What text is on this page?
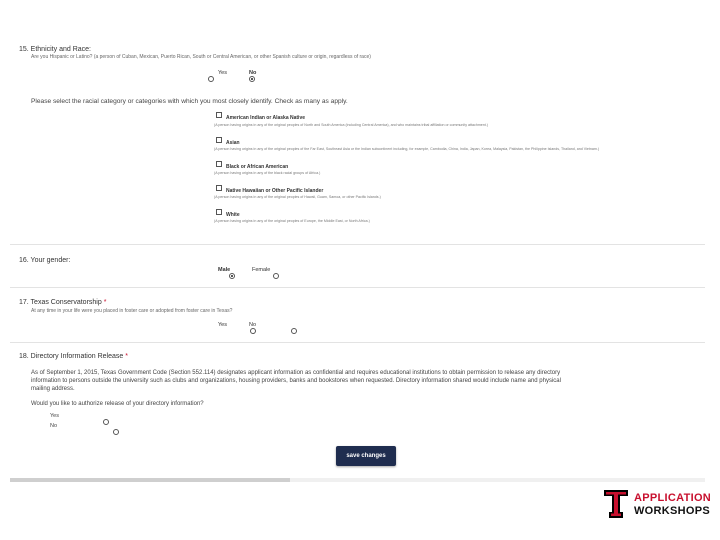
15. Ethnicity and Race:
Are you Hispanic or Latino? (a person of Cuban, Mexican, Puerto Rican, South or Central American, or other Spanish culture or origin, regardless of race)

Yes
	No
Please select the racial category or categories with which you most closely identify. Check as many as apply.
American Indian or Alaska Native
(A person having origins in any of the original peoples of North and South America (including Central America), and who maintains tribal affiliation or community attachment.)
Asian
(A person having origins in any of the original peoples of the Far East, Southeast Asia or the Indian subcontinent including, for example, Cambodia, China, India, Japan, Korea, Malaysia, Pakistan, the Philippine Islands, Thailand, and Vietnam.)
Black or African American
(A person having origins in any of the black racial groups of Africa.)
Native Hawaiian or Other Pacific Islander
(A person having origins in any of the original peoples of Hawaii, Guam, Samoa, or other Pacific Islands.)
White
(A person having origins in any of the original peoples of Europe, the Middle East, or North Africa.)
16. Your gender:

Male
	Female
17. Texas Conservatorship *
At any time in your life were you placed in foster care or adopted from foster care in Texas?

Yes
	No
18. Directory Information Release *
As of September 1, 2015, Texas Government Code (Section 552.114) designates applicant information as confidential and requires educational institutions to obtain permission to release any directory
information to persons outside the university such as clubs and organizations, housing providers, banks and bookstores when requested. Directory information shared would include name and physical
mailing address.
Would you like to authorize release of your directory information?

Yes
No
save changes
APPLICATION
WORKSHOPS
